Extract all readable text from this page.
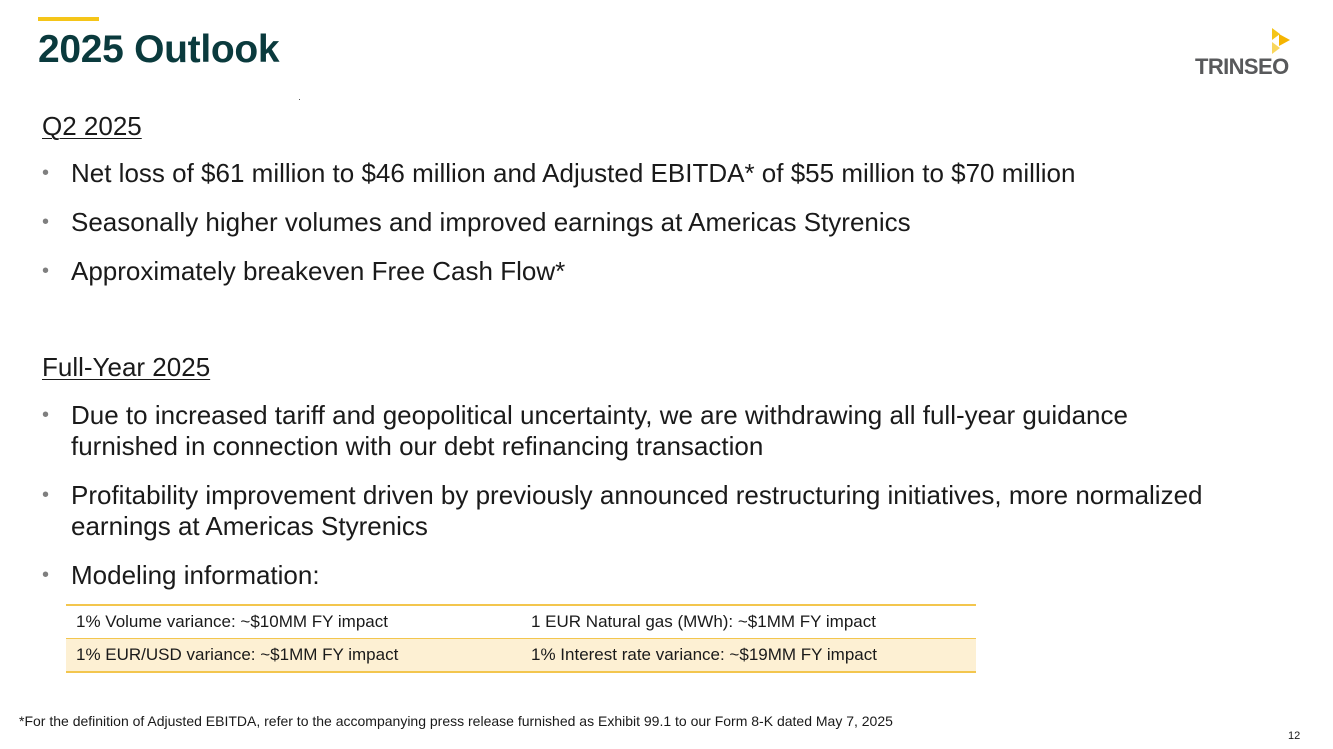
2025 Outlook	TRINSEO
Q2 2025
• Net loss of $61 million to $46 million and Adjusted EBITDA* of $55 million to $70 million
• Seasonally higher volumes and improved earnings at Americas Styrenics
• Approximately breakeven Free Cash Flow*
Full-Year 2025
• Due to increased tariff and geopolitical uncertainty, we are withdrawing all full-year guidance furnished in connection with our debt refinancing transaction
• Profitability improvement driven by previously announced restructuring initiatives, more normalized earnings at Americas Styrenics
• Modeling information:
1% Volume variance: ~$10MM FY impact	1 EUR Natural gas (MWh): ~$1MM FY impact
1% EUR/USD variance: ~$1MM FY impact	1% Interest rate variance: ~$19MM FY impact
*For the definition of Adjusted EBITDA, refer to the accompanying press release furnished as Exhibit 99.1 to our Form 8-K dated May 7, 2025
12
